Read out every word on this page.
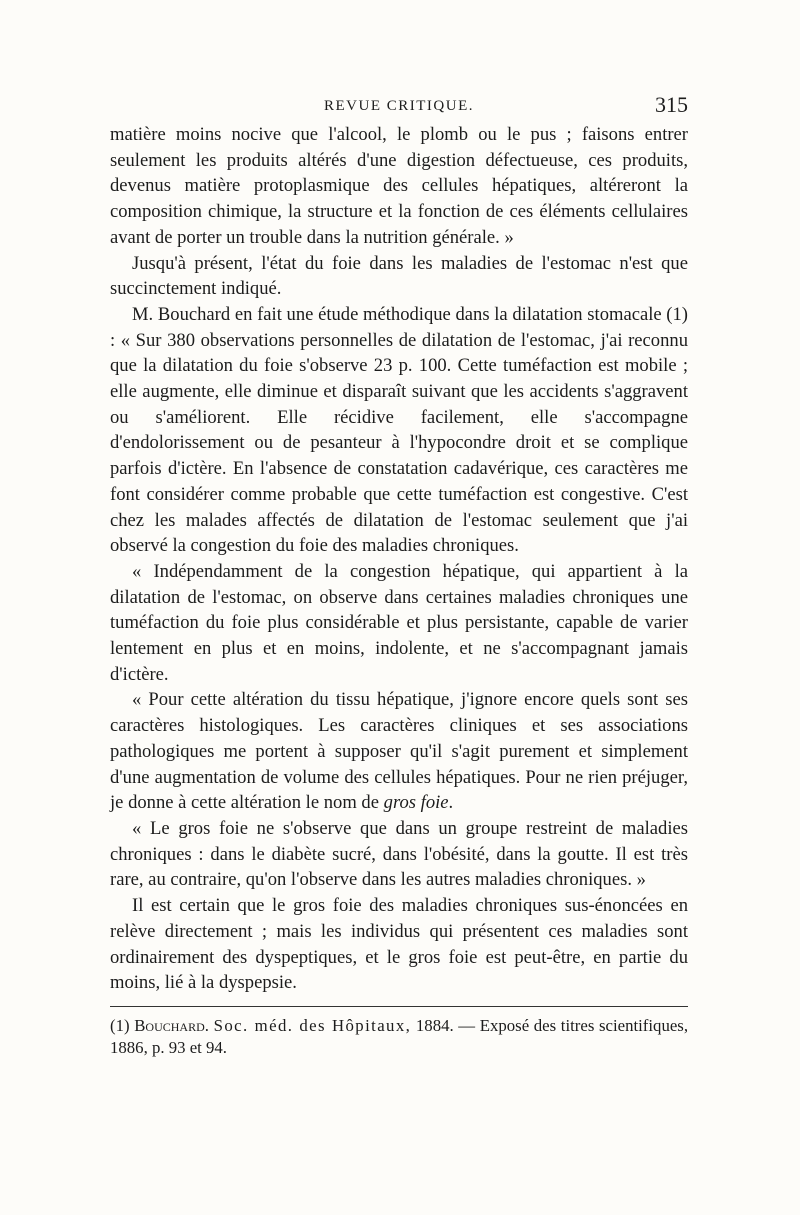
REVUE CRITIQUE.	315

matière moins nocive que l'alcool, le plomb ou le pus ; faisons entrer seulement les produits altérés d'une digestion défectueuse, ces produits, devenus matière protoplasmique des cellules hépatiques, altéreront la composition chimique, la structure et la fonction de ces éléments cellulaires avant de porter un trouble dans la nutrition générale. »

Jusqu'à présent, l'état du foie dans les maladies de l'estomac n'est que succinctement indiqué.

M. Bouchard en fait une étude méthodique dans la dilatation stomacale (1) : « Sur 380 observations personnelles de dilatation de l'estomac, j'ai reconnu que la dilatation du foie s'observe 23 p. 100. Cette tuméfaction est mobile ; elle augmente, elle diminue et disparaît suivant que les accidents s'aggravent ou s'améliorent. Elle récidive facilement, elle s'accompagne d'endolorissement ou de pesanteur à l'hypocondre droit et se complique parfois d'ictère. En l'absence de constatation cadavérique, ces caractères me font considérer comme probable que cette tuméfaction est congestive. C'est chez les malades affectés de dilatation de l'estomac seulement que j'ai observé la congestion du foie des maladies chroniques.

« Indépendamment de la congestion hépatique, qui appartient à la dilatation de l'estomac, on observe dans certaines maladies chroniques une tuméfaction du foie plus considérable et plus persistante, capable de varier lentement en plus et en moins, indolente, et ne s'accompagnant jamais d'ictère.

« Pour cette altération du tissu hépatique, j'ignore encore quels sont ses caractères histologiques. Les caractères cliniques et ses associations pathologiques me portent à supposer qu'il s'agit purement et simplement d'une augmentation de volume des cellules hépatiques. Pour ne rien préjuger, je donne à cette altération le nom de gros foie.

« Le gros foie ne s'observe que dans un groupe restreint de maladies chroniques : dans le diabète sucré, dans l'obésité, dans la goutte. Il est très rare, au contraire, qu'on l'observe dans les autres maladies chroniques. »

Il est certain que le gros foie des maladies chroniques sus-énoncées en relève directement ; mais les individus qui présentent ces maladies sont ordinairement des dyspeptiques, et le gros foie est peut-être, en partie du moins, lié à la dyspepsie.

(1) Bouchard. Soc. méd. des Hôpitaux, 1884. — Exposé des titres scientifiques, 1886, p. 93 et 94.
